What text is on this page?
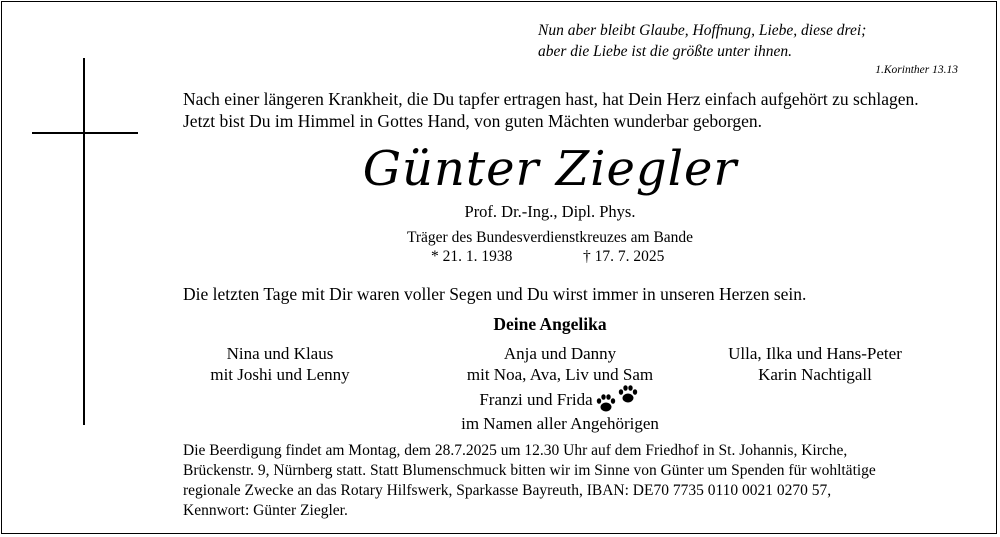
Nun aber bleibt Glaube, Hoffnung, Liebe, diese drei;
aber die Liebe ist die größte unter ihnen.
1.Korinther 13.13
Nach einer längeren Krankheit, die Du tapfer ertragen hast, hat Dein Herz einfach aufgehört zu schlagen.
Jetzt bist Du im Himmel in Gottes Hand, von guten Mächten wunderbar geborgen.
Günter Ziegler
Prof. Dr.-Ing., Dipl. Phys.
Träger des Bundesverdienstkreuzes am Bande
* 21. 1. 1938	† 17. 7. 2025
Die letzten Tage mit Dir waren voller Segen und Du wirst immer in unseren Herzen sein.
Deine Angelika
Nina und Klaus
mit Joshi und Lenny
Anja und Danny
mit Noa, Ava, Liv und Sam
Franzi und Frida
im Namen aller Angehörigen
Ulla, Ilka und Hans-Peter
Karin Nachtigall
Die Beerdigung findet am Montag, dem 28.7.2025 um 12.30 Uhr auf dem Friedhof in St. Johannis, Kirche,
Brückenstr. 9, Nürnberg statt. Statt Blumenschmuck bitten wir im Sinne von Günter um Spenden für wohltätige
regionale Zwecke an das Rotary Hilfswerk, Sparkasse Bayreuth, IBAN: DE70 7735 0110 0021 0270 57,
Kennwort: Günter Ziegler.
